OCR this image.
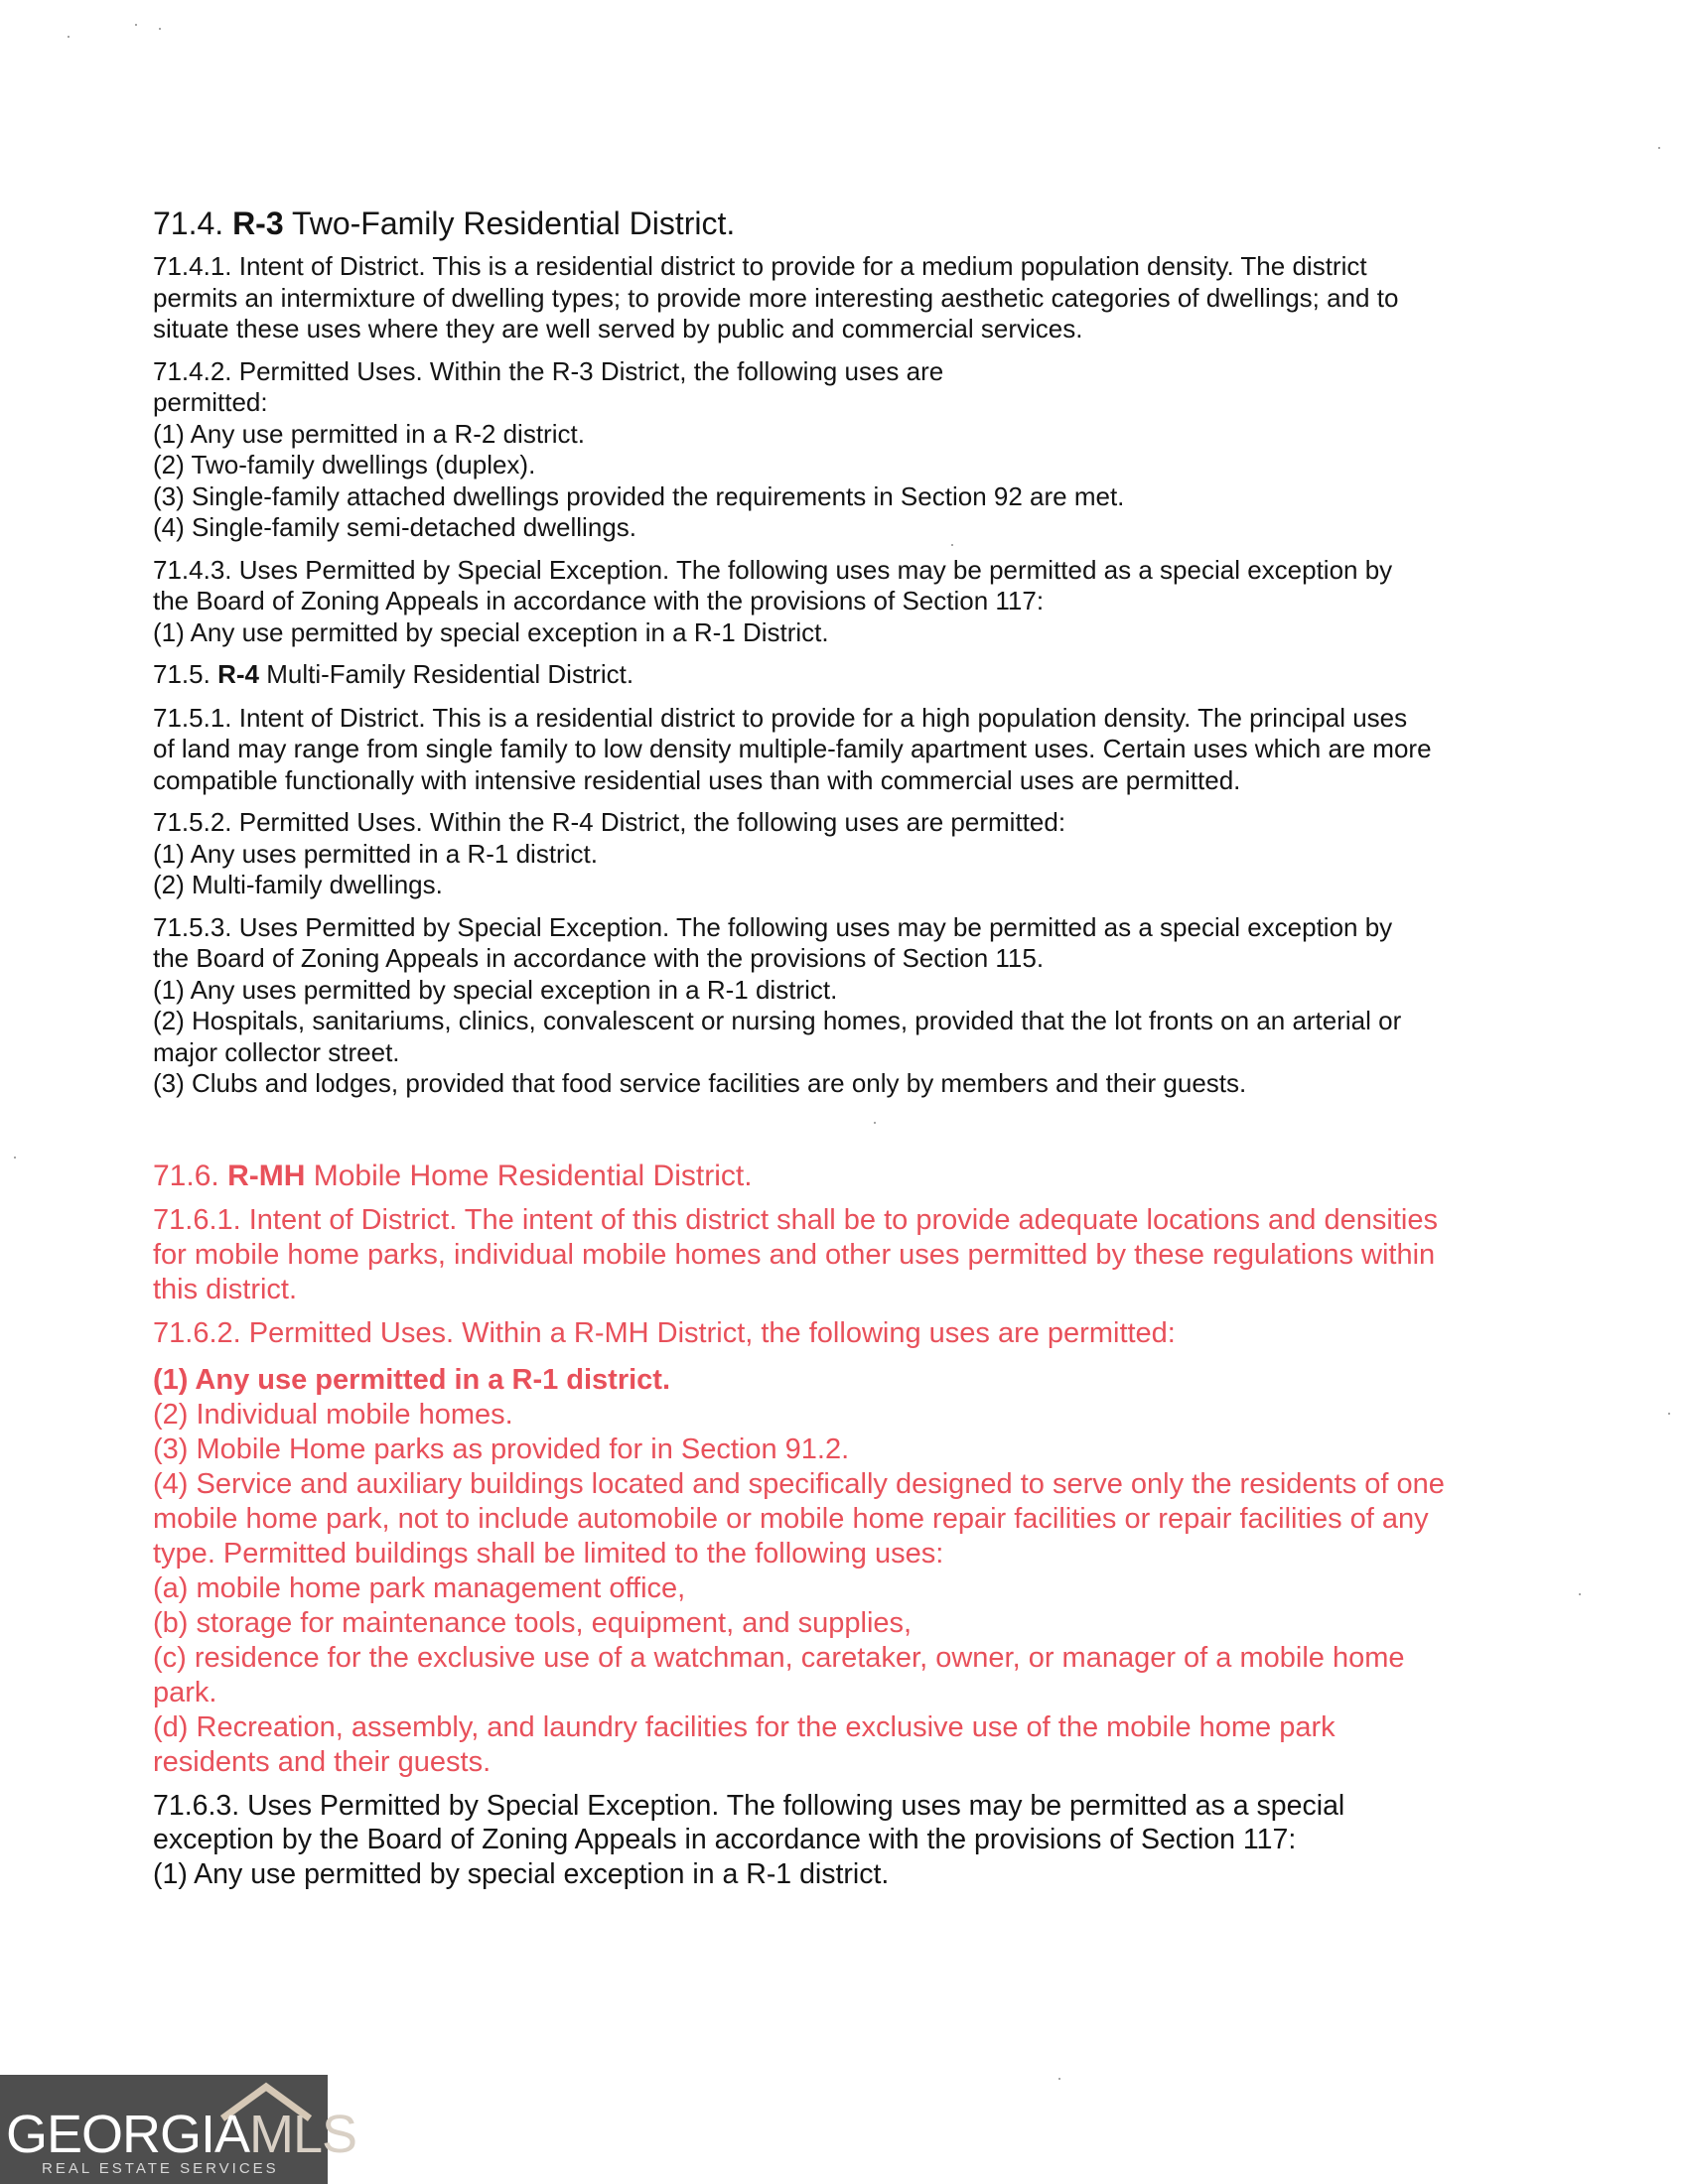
71.4. R-3 Two-Family Residential District.
71.4.1. Intent of District. This is a residential district to provide for a medium population density. The district
permits an intermixture of dwelling types; to provide more interesting aesthetic categories of dwellings; and to
situate these uses where they are well served by public and commercial services.
71.4.2. Permitted Uses. Within the R-3 District, the following uses are
permitted:
(1) Any use permitted in a R-2 district.
(2) Two-family dwellings (duplex).
(3) Single-family attached dwellings provided the requirements in Section 92 are met.
(4) Single-family semi-detached dwellings.
71.4.3. Uses Permitted by Special Exception. The following uses may be permitted as a special exception by
the Board of Zoning Appeals in accordance with the provisions of Section 117:
(1) Any use permitted by special exception in a R-1 District.
71.5. R-4 Multi-Family Residential District.
71.5.1. Intent of District. This is a residential district to provide for a high population density. The principal uses
of land may range from single family to low density multiple-family apartment uses. Certain uses which are more
compatible functionally with intensive residential uses than with commercial uses are permitted.
71.5.2. Permitted Uses. Within the R-4 District, the following uses are permitted:
(1) Any uses permitted in a R-1 district.
(2) Multi-family dwellings.
71.5.3. Uses Permitted by Special Exception. The following uses may be permitted as a special exception by
the Board of Zoning Appeals in accordance with the provisions of Section 115.
(1) Any uses permitted by special exception in a R-1 district.
(2) Hospitals, sanitariums, clinics, convalescent or nursing homes, provided that the lot fronts on an arterial or
major collector street.
(3) Clubs and lodges, provided that food service facilities are only by members and their guests.
71.6. R-MH Mobile Home Residential District.
71.6.1. Intent of District. The intent of this district shall be to provide adequate locations and densities
for mobile home parks, individual mobile homes and other uses permitted by these regulations within
this district.
71.6.2. Permitted Uses. Within a R-MH District, the following uses are permitted:
(1) Any use permitted in a R-1 district.
(2) Individual mobile homes.
(3) Mobile Home parks as provided for in Section 91.2.
(4) Service and auxiliary buildings located and specifically designed to serve only the residents of one
mobile home park, not to include automobile or mobile home repair facilities or repair facilities of any
type. Permitted buildings shall be limited to the following uses:
(a) mobile home park management office,
(b) storage for maintenance tools, equipment, and supplies,
(c) residence for the exclusive use of a watchman, caretaker, owner, or manager of a mobile home
park.
(d) Recreation, assembly, and laundry facilities for the exclusive use of the mobile home park
residents and their guests.
71.6.3. Uses Permitted by Special Exception. The following uses may be permitted as a special
exception by the Board of Zoning Appeals in accordance with the provisions of Section 117:
(1) Any use permitted by special exception in a R-1 district.
GEORGIAMLS
REAL ESTATE SERVICES
